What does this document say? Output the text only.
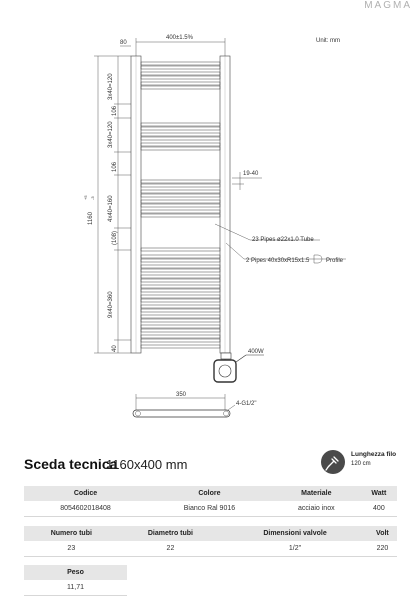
MAGMA
400±1.5%
80	Unit: mm
1160
+5 -3
3x40=120
106
3x40=120
106
4x40=160
(108)
9x40=360
40
19-40
23 Pipes ø22x1.0 Tube
2 Pipes 40x30xR15x1.5	Profile
400W
350
4-G1/2"
Sceda tecnica
1160x400 mm
Lunghezza filo
120 cm
Codice	Colore	Materiale	Watt
8054602018408	Bianco Ral 9016	acciaio inox	400
Numero tubi	Diametro tubi	Dimensioni valvole	Volt
23	22	1/2"	220
Peso
11,71
